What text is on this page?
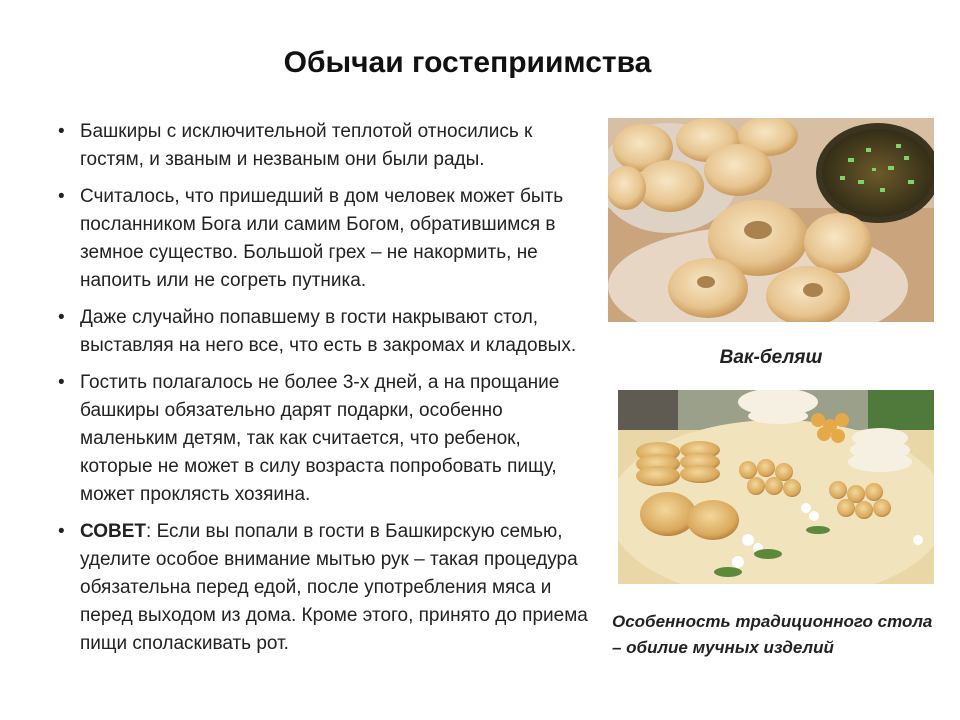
Обычаи гостеприимства
• Башкиры с исключительной теплотой относились к гостям, и званым и незваным они были рады.
• Считалось, что пришедший в дом человек может быть посланником Бога или самим Богом, обратившимся в земное существо. Большой грех – не накормить, не напоить или не согреть путника.
• Даже случайно попавшему в гости накрывают стол, выставляя на него все, что есть в закромах и кладовых.
• Гостить полагалось не более 3-х дней, а на прощание башкиры обязательно дарят подарки, особенно маленьким детям, так как считается, что ребенок, которые не может в силу возраста попробовать пищу, может проклясть хозяина.
• СОВЕТ: Если вы попали в гости в Башкирскую семью, уделите особое внимание мытью рук – такая процедура обязательна перед едой, после употребления мяса и перед выходом из дома. Кроме этого, принято до приема пищи споласкивать рот.
Вак-беляш
Особенность традиционного стола – обилие мучных изделий
